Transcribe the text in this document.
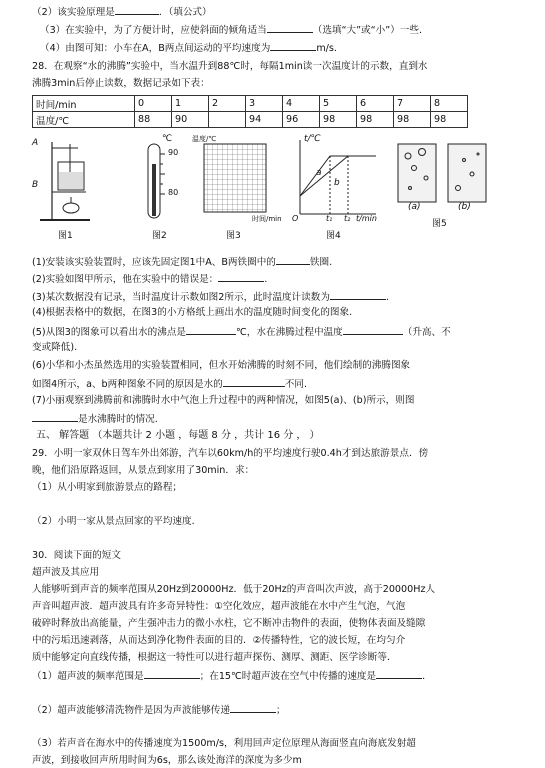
（2）该实验原理是	．（填公式）
（3）在实验中，为了方便计时，应使斜面的倾角适当	（选填“大”或“小”）一些．
（4）由图可知：小车在A，B两点间运动的平均速度为	m/s．
28．在观察“水的沸腾”实验中，当水温升到88℃时，每隔1min读一次温度计的示数，直到水
沸腾3min后停止读数，数据记录如下表：
时间/min	0	1	2	3	4	5	6	7	8
温度/℃	88	90		94	96	98	98	98	98
A
B
图1
℃
90
80
图2
温度/℃
时间/min
图3
t/℃
a
b
O	t₁ t₂ t/min
图4
(a)	(b)
图5
(1)安装该实验装置时，应该先固定图1中A、B两铁圈中的	铁圈.
(2)实验如图甲所示，他在实验中的错误是：	.
(3)某次数据没有记录，当时温度计示数如图2所示，此时温度计读数为	.
(4)根据表格中的数据，在图3的小方格纸上画出水的温度随时间变化的图象.
(5)从图3的图象可以看出水的沸点是	℃，水在沸腾过程中温度	（升高、不
变或降低).
(6)小华和小杰虽然选用的实验装置相同，但水开始沸腾的时刻不同，他们绘制的沸腾图象
如图4所示，a、b两种图象不同的原因是水的	不同.
(7)小丽观察到沸腾前和沸腾时水中气泡上升过程中的两种情况，如图5(a)、(b)所示，则图
是水沸腾时的情况.
五、 解答题 （本题共计 2 小题 ，每题 8 分 ，共计 16 分 ， ）
29．小明一家双休日驾车外出郊游，汽车以60km/h的平均速度行驶0.4h才到达旅游景点．傍
晚，他们沿原路返回，从景点到家用了30min．求：
（1）从小明家到旅游景点的路程；
（2）小明一家从景点回家的平均速度．
30．阅读下面的短文
超声波及其应用
人能够听到声音的频率范围从20Hz到20000Hz．低于20Hz的声音叫次声波，高于20000Hz人
声音叫超声波．超声波具有许多奇异特性：①空化效应，超声波能在水中产生气泡，气泡
破碎时释放出高能量，产生强冲击力的微小水柱，它不断冲击物件的表面，使物体表面及缝隙
中的污垢迅速剥落，从而达到净化物件表面的目的．②传播特性，它的波长短，在均匀介
质中能够定向直线传播，根据这一特性可以进行超声探伤、测厚、测距、医学诊断等．
（1）超声波的频率范围是	；在15℃时超声波在空气中传播的速度是	．
（2）超声波能够清洗物件是因为声波能够传递	；
（3）若声音在海水中的传播速度为1500m/s，利用回声定位原理从海面竖直向海底发射超
声波，到接收回声所用时间为6s，那么该处海洋的深度为多少m
